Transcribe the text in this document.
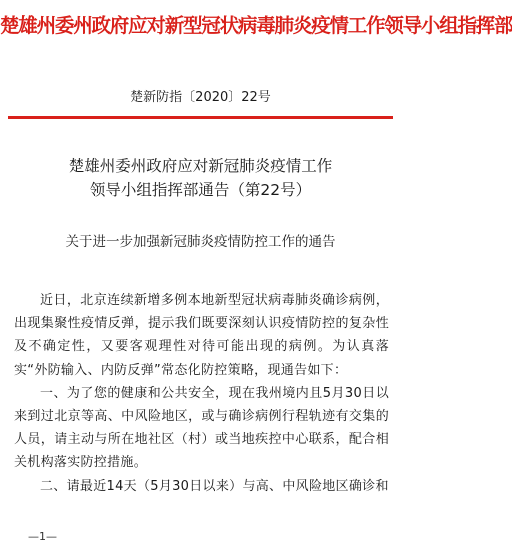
楚雄州委州政府应对新型冠状病毒肺炎疫情工作领导小组指挥部
楚新防指〔2020〕22号
楚雄州委州政府应对新冠肺炎疫情工作
领导小组指挥部通告（第22号）
关于进一步加强新冠肺炎疫情防控工作的通告

近日，北京连续新增多例本地新型冠状病毒肺炎确诊病例，出现集聚性疫情反弹，提示我们既要深刻认识疫情防控的复杂性及不确定性，又要客观理性对待可能出现的病例。为认真落实“外防输入、内防反弹”常态化防控策略，现通告如下：

一、为了您的健康和公共安全，现在我州境内且5月30日以来到过北京等高、中风险地区，或与确诊病例行程轨迹有交集的人员，请主动与所在地社区（村）或当地疾控中心联系，配合相关机构落实防控措施。

二、请最近14天（5月30日以来）与高、中风险地区确诊和

—1—
